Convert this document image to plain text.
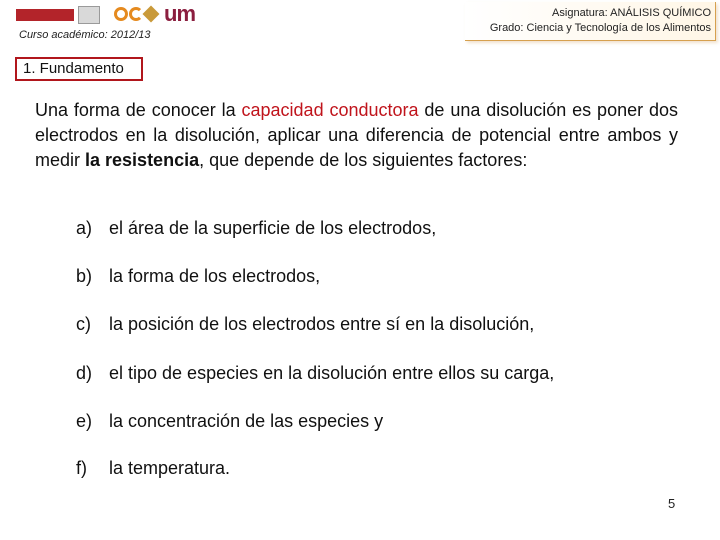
um
Curso académico: 2012/13
Asignatura: ANÁLISIS QUÍMICO
Grado: Ciencia y Tecnología de los Alimentos
1. Fundamento

Una forma de conocer la capacidad conductora de una disolución es poner dos electrodos en la disolución, aplicar una diferencia de potencial entre ambos y medir la resistencia, que depende de los siguientes factores:

a) el área de la superficie de los electrodos,
b) la forma de los electrodos,
c) la posición de los electrodos entre sí en la disolución,
d) el tipo de especies en la disolución entre ellos su carga,
e) la concentración de las especies y
f) la temperatura.
5
